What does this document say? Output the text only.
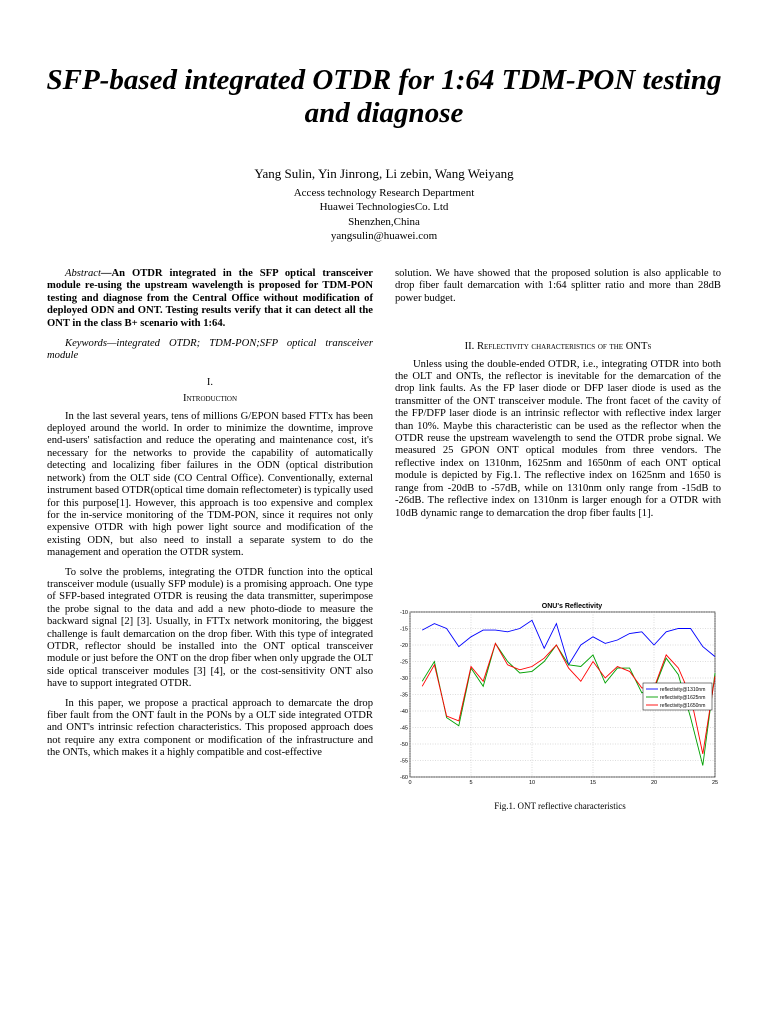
SFP-based integrated OTDR for 1:64 TDM-PON testing and diagnose
Yang Sulin, Yin Jinrong, Li zebin, Wang Weiyang
Access technology Research Department
Huawei TechnologiesCo. Ltd
Shenzhen,China
yangsulin@huawei.com

Abstract—An OTDR integrated in the SFP optical transceiver module re-using the upstream wavelength is proposed for TDM-PON testing and diagnose from the Central Office without modification of deployed ODN and ONT. Testing results verify that it can detect all the ONT in the class B+ scenario with 1:64.

Keywords—integrated OTDR; TDM-PON;SFP optical transceiver module

I.
Introduction

In the last several years, tens of millions G/EPON based FTTx has been deployed around the world. In order to minimize the downtime, improve end-users' satisfaction and reduce the operating and maintenance cost, it's necessary for the networks to provide the capability of automatically detecting and localizing fiber failures in the ODN (optical distribution network) from the OLT side (CO Central Office). Conventionally, external instrument based OTDR(optical time domain reflectometer) is typically used for this purpose[1]. However, this approach is too expensive and complex for the in-service monitoring of the TDM-PON, since it requires not only expensive OTDR with high power light source and modification of the existing ODN, but also need to install a separate system to do the management and operation the OTDR system.

To solve the problems, integrating the OTDR function into the optical transceiver module (usually SFP module) is a promising approach. One type of SFP-based integrated OTDR is reusing the data transmitter, superimpose the probe signal to the data and add a new photo-diode to measure the backward signal [2] [3]. Usually, in FTTx network monitoring, the biggest challenge is fault demarcation on the drop fiber. With this type of integrated OTDR, reflector should be installed into the ONT optical transceiver module or just before the ONT on the drop fiber when only upgrade the OLT side optical transceiver modules [3] [4], or the cost-sensitivity ONT also have to support integrated OTDR.

In this paper, we propose a practical approach to demarcate the drop fiber fault from the ONT fault in the PONs by a OLT side integrated OTDR and ONT's intrinsic refection characteristics. This proposed approach does not require any extra component or modification of the infrastructure and the ONTs, which makes it a highly compatible and cost-effective

solution. We have showed that the proposed solution is also applicable to drop fiber fault demarcation with 1:64 splitter ratio and more than 28dB power budget.

II. Reflectivity characteristics of the ONTs

Unless using the double-ended OTDR, i.e., integrating OTDR into both the OLT and ONTs, the reflector is inevitable for the demarcation of the drop link faults. As the FP laser diode or DFP laser diode is used as the transmitter of the ONT transceiver module. The front facet of the cavity of the FP/DFP laser diode is an intrinsic reflector with reflective index larger than 10%. Maybe this characteristic can be used as the reflector when the OTDR reuse the upstream wavelength to send the OTDR probe signal. We measured 25 GPON ONT optical modules from three vendors. The reflective index on 1310nm, 1625nm and 1650nm of each ONT optical module is depicted by Fig.1. The reflective index on 1625nm and 1650 is range from -20dB to -57dB, while on 1310nm only range from -15dB to -26dB. The reflective index on 1310nm is larger enough for a OTDR with 10dB dynamic range to demarcation the drop fiber faults [1].

ONU's Reflectivity
-10
-15
-20
-25
-30
-35
-40
-45
-50
-55
-60
0	5	10	15	20	25
reflectivity@1310nm
reflectivity@1625nm
reflectivity@1650nm
Fig.1. ONT reflective characteristics
